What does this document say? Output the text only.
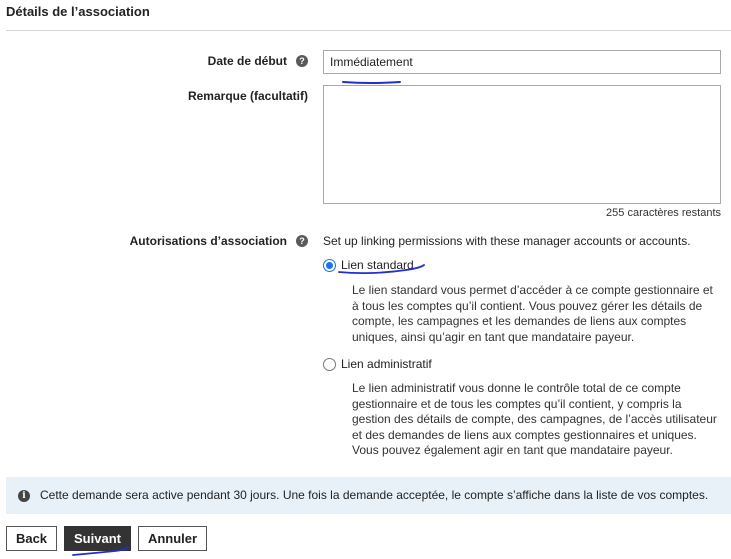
Détails de l’association
Date de début	?
Immédiatement
Remarque (facultatif)
255 caractères restants
Autorisations d’association	? Set up linking permissions with these manager accounts or accounts.
Lien standard
Le lien standard vous permet d’accéder à ce compte gestionnaire et à tous les comptes qu’il contient. Vous pouvez gérer les détails de compte, les campagnes et les demandes de liens aux comptes uniques, ainsi qu’agir en tant que mandataire payeur.
Lien administratif
Le lien administratif vous donne le contrôle total de ce compte gestionnaire et de tous les comptes qu’il contient, y compris la gestion des détails de compte, des campagnes, de l’accès utilisateur et des demandes de liens aux comptes gestionnaires et uniques. Vous pouvez également agir en tant que mandataire payeur.
i	Cette demande sera active pendant 30 jours. Une fois la demande acceptée, le compte s’affiche dans la liste de vos comptes.
Back	Suivant	Annuler
